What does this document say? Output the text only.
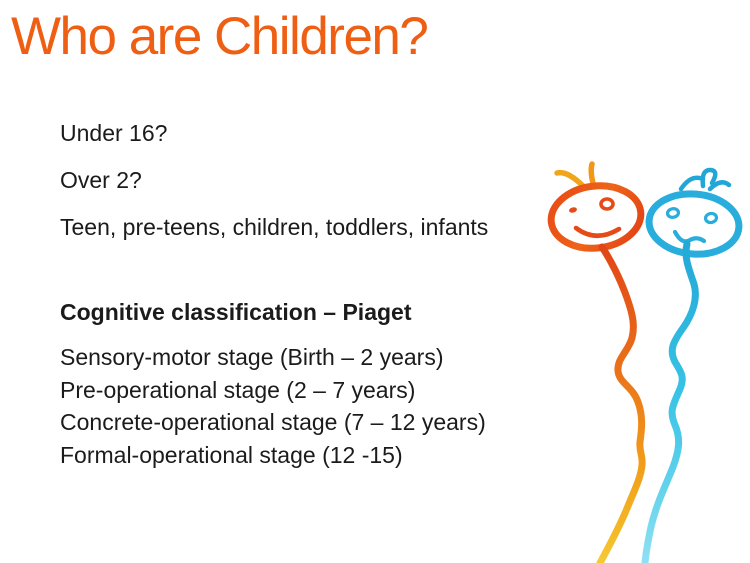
Who are Children?
Under 16?
Over 2?
Teen, pre-teens, children, toddlers, infants
Cognitive classification – Piaget
Sensory-motor stage (Birth – 2 years)
Pre-operational stage (2 – 7 years)
Concrete-operational stage (7 – 12 years)
Formal-operational stage (12 -15)
